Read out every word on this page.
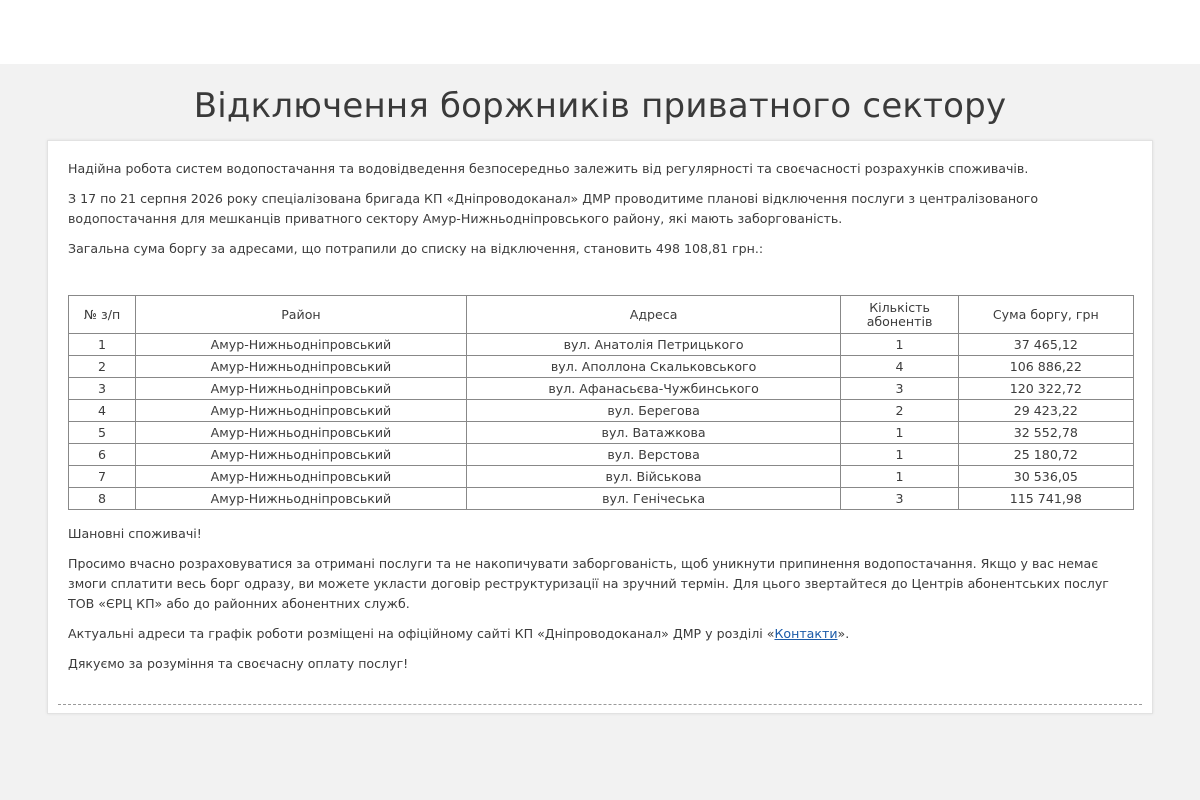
Відключення боржників приватного сектору

Надійна робота систем водопостачання та водовідведення безпосередньо залежить від регулярності та своєчасності розрахунків споживачів.

З 17 по 21 серпня 2026 року спеціалізована бригада КП «Дніпроводоканал» ДМР проводитиме планові відключення послуги з централізованого водопостачання для мешканців приватного сектору Амур-Нижньодніпровського району, які мають заборгованість.

Загальна сума боргу за адресами, що потрапили до списку на відключення, становить 498 108,81 грн.:

№ з/п	Район	Адреса	Кількість абонентів	Сума боргу, грн
1	Амур-Нижньодніпровський	вул. Анатолія Петрицького	1	37 465,12
2	Амур-Нижньодніпровський	вул. Аполлона Скальковського	4	106 886,22
3	Амур-Нижньодніпровський	вул. Афанасьєва-Чужбинського	3	120 322,72
4	Амур-Нижньодніпровський	вул. Берегова	2	29 423,22
5	Амур-Нижньодніпровський	вул. Ватажкова	1	32 552,78
6	Амур-Нижньодніпровський	вул. Верстова	1	25 180,72
7	Амур-Нижньодніпровський	вул. Військова	1	30 536,05
8	Амур-Нижньодніпровський	вул. Генічеська	3	115 741,98

Шановні споживачі!

Просимо вчасно розраховуватися за отримані послуги та не накопичувати заборгованість, щоб уникнути припинення водопостачання. Якщо у вас немає змоги сплатити весь борг одразу, ви можете укласти договір реструктуризації на зручний термін. Для цього звертайтеся до Центрів абонентських послуг ТОВ «ЄРЦ КП» або до районних абонентних служб.

Актуальні адреси та графік роботи розміщені на офіційному сайті КП «Дніпроводоканал» ДМР у розділі «Контакти».

Дякуємо за розуміння та своєчасну оплату послуг!
